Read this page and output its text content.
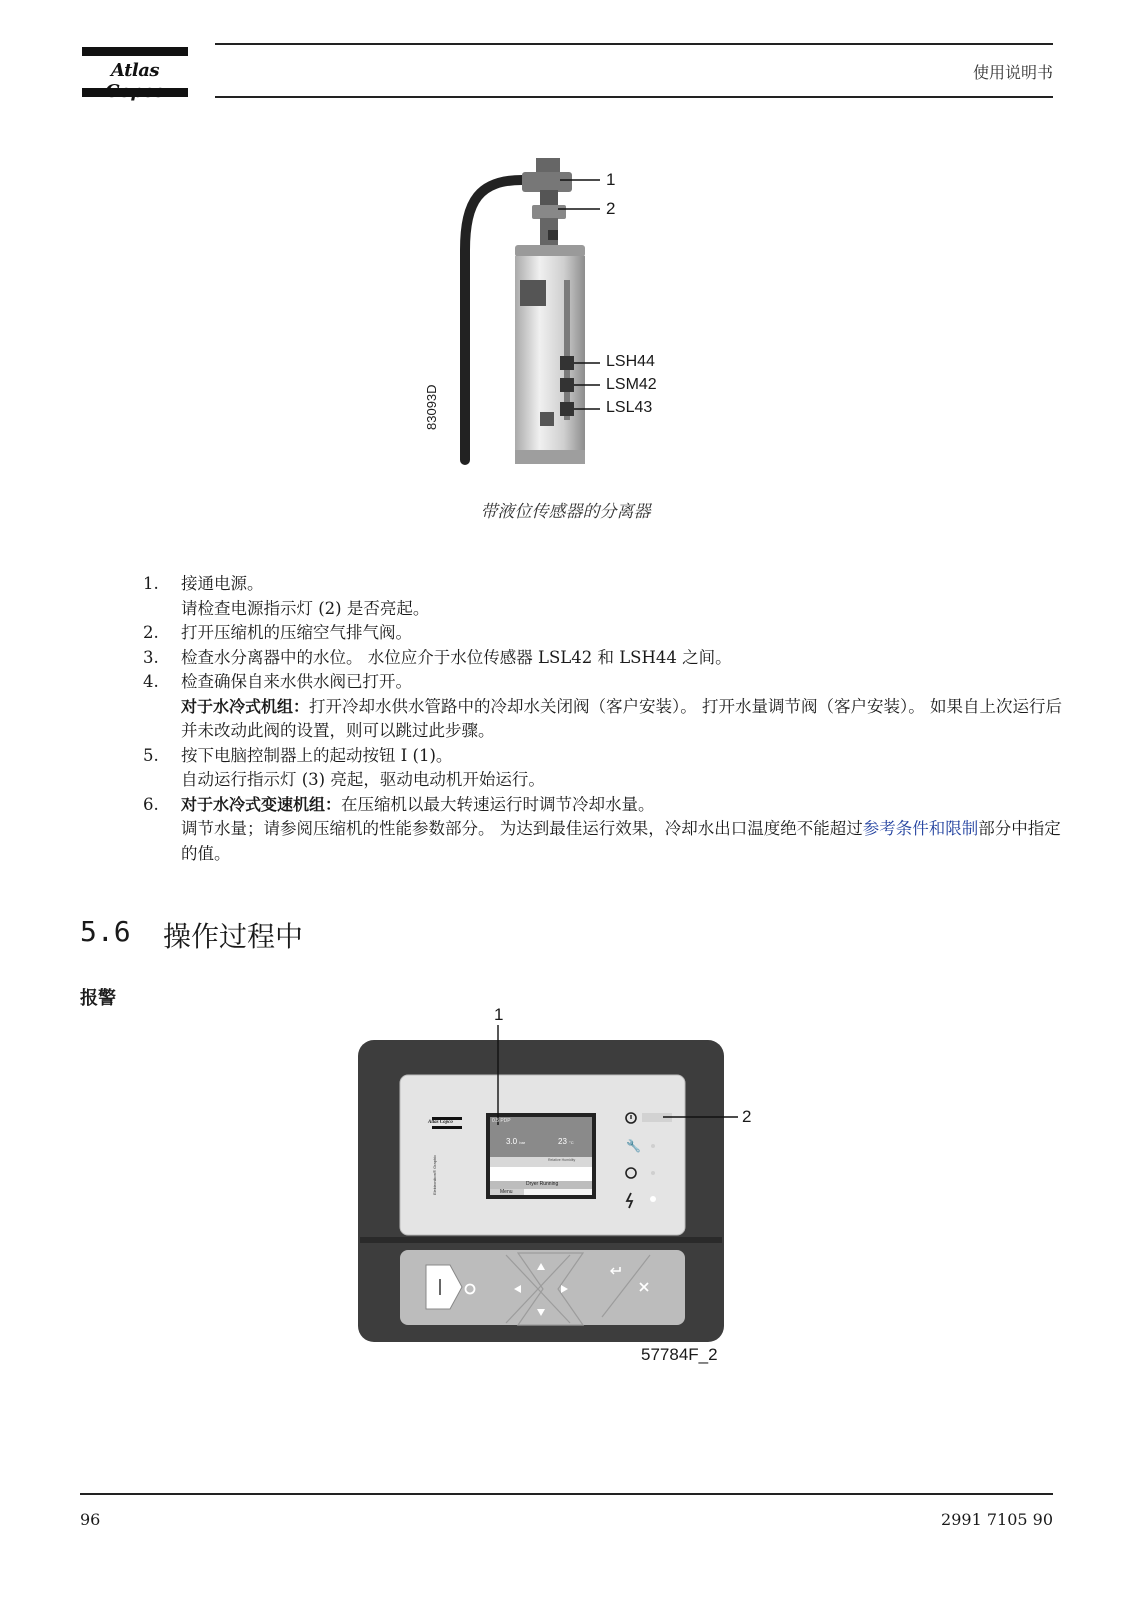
Atlas	使用说明书
1
2
LSH44
LSM42
LSL43
83093D
带液位传感器的分离器
1.	接通电源。
请检查电源指示灯 (2) 是否亮起。
2.	打开压缩机的压缩空气排气阀。
3.	检查水分离器中的水位。 水位应介于水位传感器 LSL42 和 LSH44 之间。
4.	检查确保自来水供水阀已打开。
对于水冷式机组：打开冷却水供水管路中的冷却水关闭阀（客户安装）。 打开水量调节阀（客户安装）。 如果自上次运行后并未改动此阀的设置，则可以跳过此步骤。
5.	按下电脑控制器上的起动按钮 I (1)。
自动运行指示灯 (3) 亮起，驱动电动机开始运行。
6.	对于水冷式变速机组：在压缩机以最大转速运行时调节冷却水量。
调节水量；请参阅压缩机的性能参数部分。 为达到最佳运行效果，冷却水出口温度绝不能超过参考条件和限制部分中指定的值。
5.6 操作过程中
报警
🔧
1
2
Atlas Copco
Elektronikon® Graphic
0.5 PDP
3.0 bar	23 °C
Relative Humidity
Dryer Running
Menu
57784F_2
96	2991 7105 90
